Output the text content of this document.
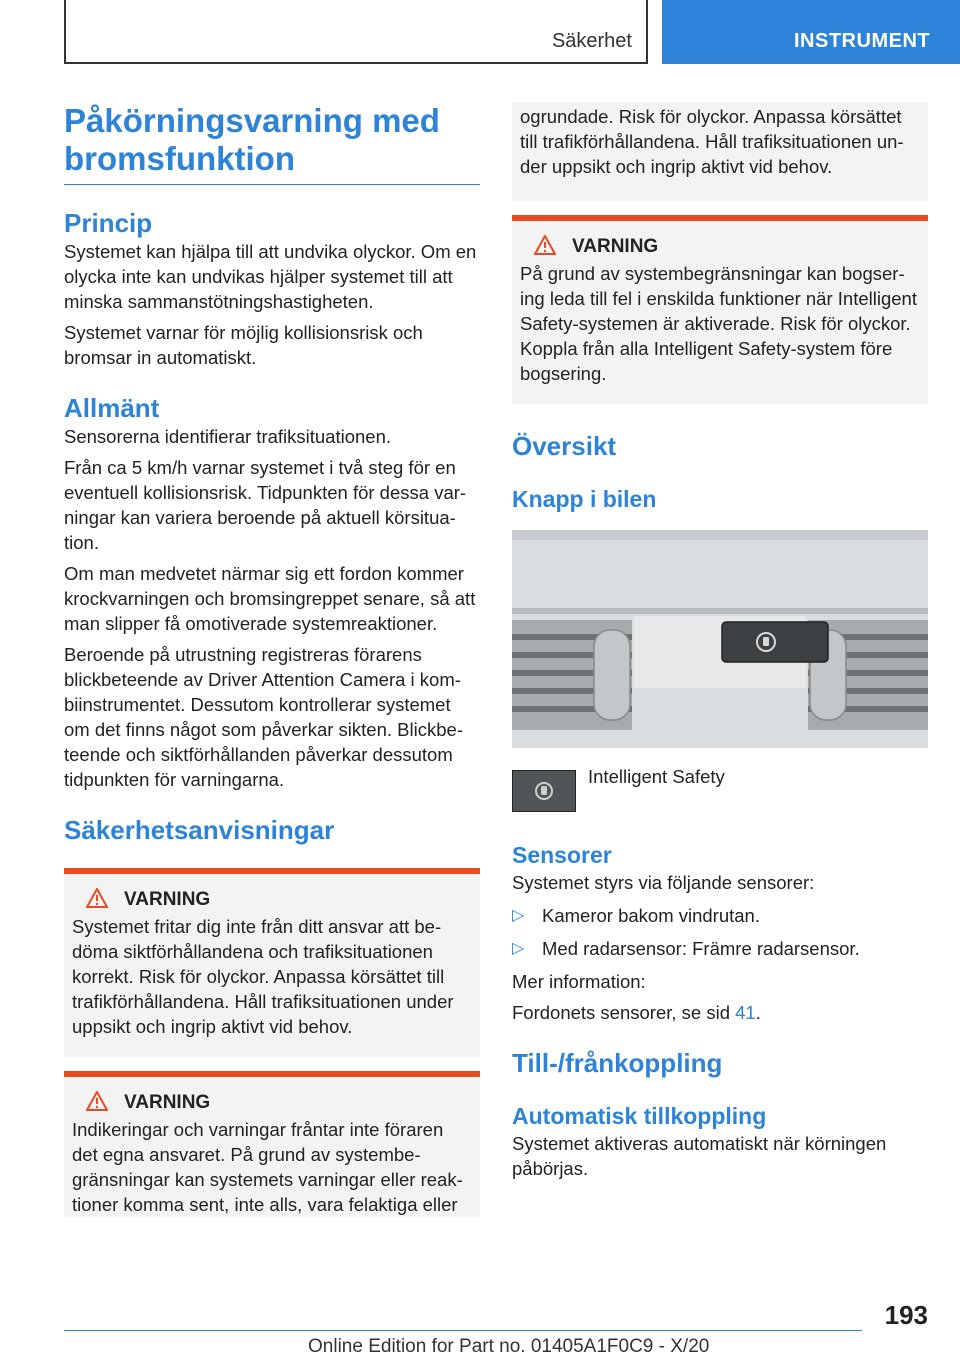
Säkerhet	INSTRUMENT
Påkörningsvarning med bromsfunktion
Princip

Systemet kan hjälpa till att undvika olyckor. Om en olycka inte kan undvikas hjälper systemet till att minska sammanstötningshastigheten.

Systemet varnar för möjlig kollisionsrisk och bromsar in automatiskt.

Allmänt

Sensorerna identifierar trafiksituationen.

Från ca 5 km/h varnar systemet i två steg för en eventuell kollisionsrisk. Tidpunkten för dessa varningar kan variera beroende på aktuell körsituation.

Om man medvetet närmar sig ett fordon kommer krockvarningen och bromsingreppet senare, så att man slipper få omotiverade systemreaktioner.

Beroende på utrustning registreras förarens blickbeteende av Driver Attention Camera i kombiinstrumentet. Dessutom kontrollerar systemet om det finns något som påverkar sikten. Blickbeteende och siktförhållanden påverkar dessutom tidpunkten för varningarna.

Säkerhetsanvisningar
VARNING

Systemet fritar dig inte från ditt ansvar att bedöma siktförhållandena och trafiksituationen korrekt. Risk för olyckor. Anpassa körsättet till trafikförhållandena. Håll trafiksituationen under uppsikt och ingrip aktivt vid behov.

VARNING

Indikeringar och varningar fråntar inte föraren det egna ansvaret. På grund av systembegränsningar kan systemets varningar eller reaktioner komma sent, inte alls, vara felaktiga eller

ogrundade. Risk för olyckor. Anpassa körsättet till trafikförhållandena. Håll trafiksituationen under uppsikt och ingrip aktivt vid behov.

VARNING

På grund av systembegränsningar kan bogsering leda till fel i enskilda funktioner när Intelligent Safety-systemen är aktiverade. Risk för olyckor. Koppla från alla Intelligent Safety-system före bogsering.

Översikt
Knapp i bilen

Intelligent Safety

Sensorer

Systemet styrs via följande sensorer:

▷ Kameror bakom vindrutan.
▷ Med radarsensor: Främre radarsensor.

Mer information:

Fordonets sensorer, se sid 41.

Till-/frånkoppling
Automatisk tillkoppling

Systemet aktiveras automatiskt när körningen påbörjas.

193
Online Edition for Part no. 01405A1F0C9 - X/20
